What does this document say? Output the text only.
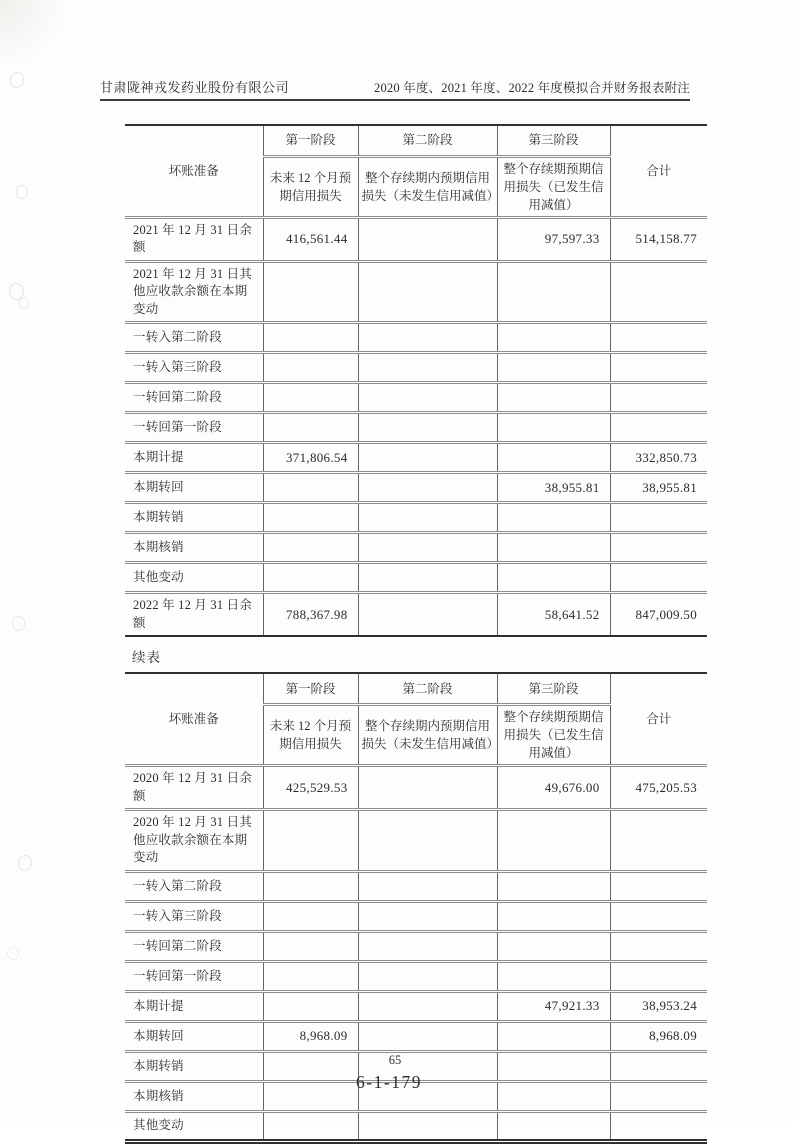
甘肃陇神戎发药业股份有限公司	2020 年度、2021 年度、2022 年度模拟合并财务报表附注
坏账准备	第一阶段	第二阶段	第三阶段	合计
	未来 12 个月预期信用损失	整个存续期内预期信用损失（未发生信用减值）	整个存续期预期信用损失（已发生信用减值）	
2021 年 12 月 31 日余额	416,561.44		97,597.33	514,158.77
2021 年 12 月 31 日其他应收款余额在本期变动				
一转入第二阶段				
一转入第三阶段				
一转回第二阶段				
一转回第一阶段				
本期计提	371,806.54			332,850.73
本期转回			38,955.81	38,955.81
本期转销				
本期核销				
其他变动				
2022 年 12 月 31 日余额	788,367.98		58,641.52	847,009.50
续表
坏账准备	第一阶段	第二阶段	第三阶段	合计
	未来 12 个月预期信用损失	整个存续期内预期信用损失（未发生信用减值）	整个存续期预期信用损失（已发生信用减值）	
2020 年 12 月 31 日余额	425,529.53		49,676.00	475,205.53
2020 年 12 月 31 日其他应收款余额在本期变动				
一转入第二阶段				
一转入第三阶段				
一转回第二阶段				
一转回第一阶段				
本期计提			47,921.33	38,953.24
本期转回	8,968.09			8,968.09
本期转销				
本期核销				
其他变动				
65
6-1-179
